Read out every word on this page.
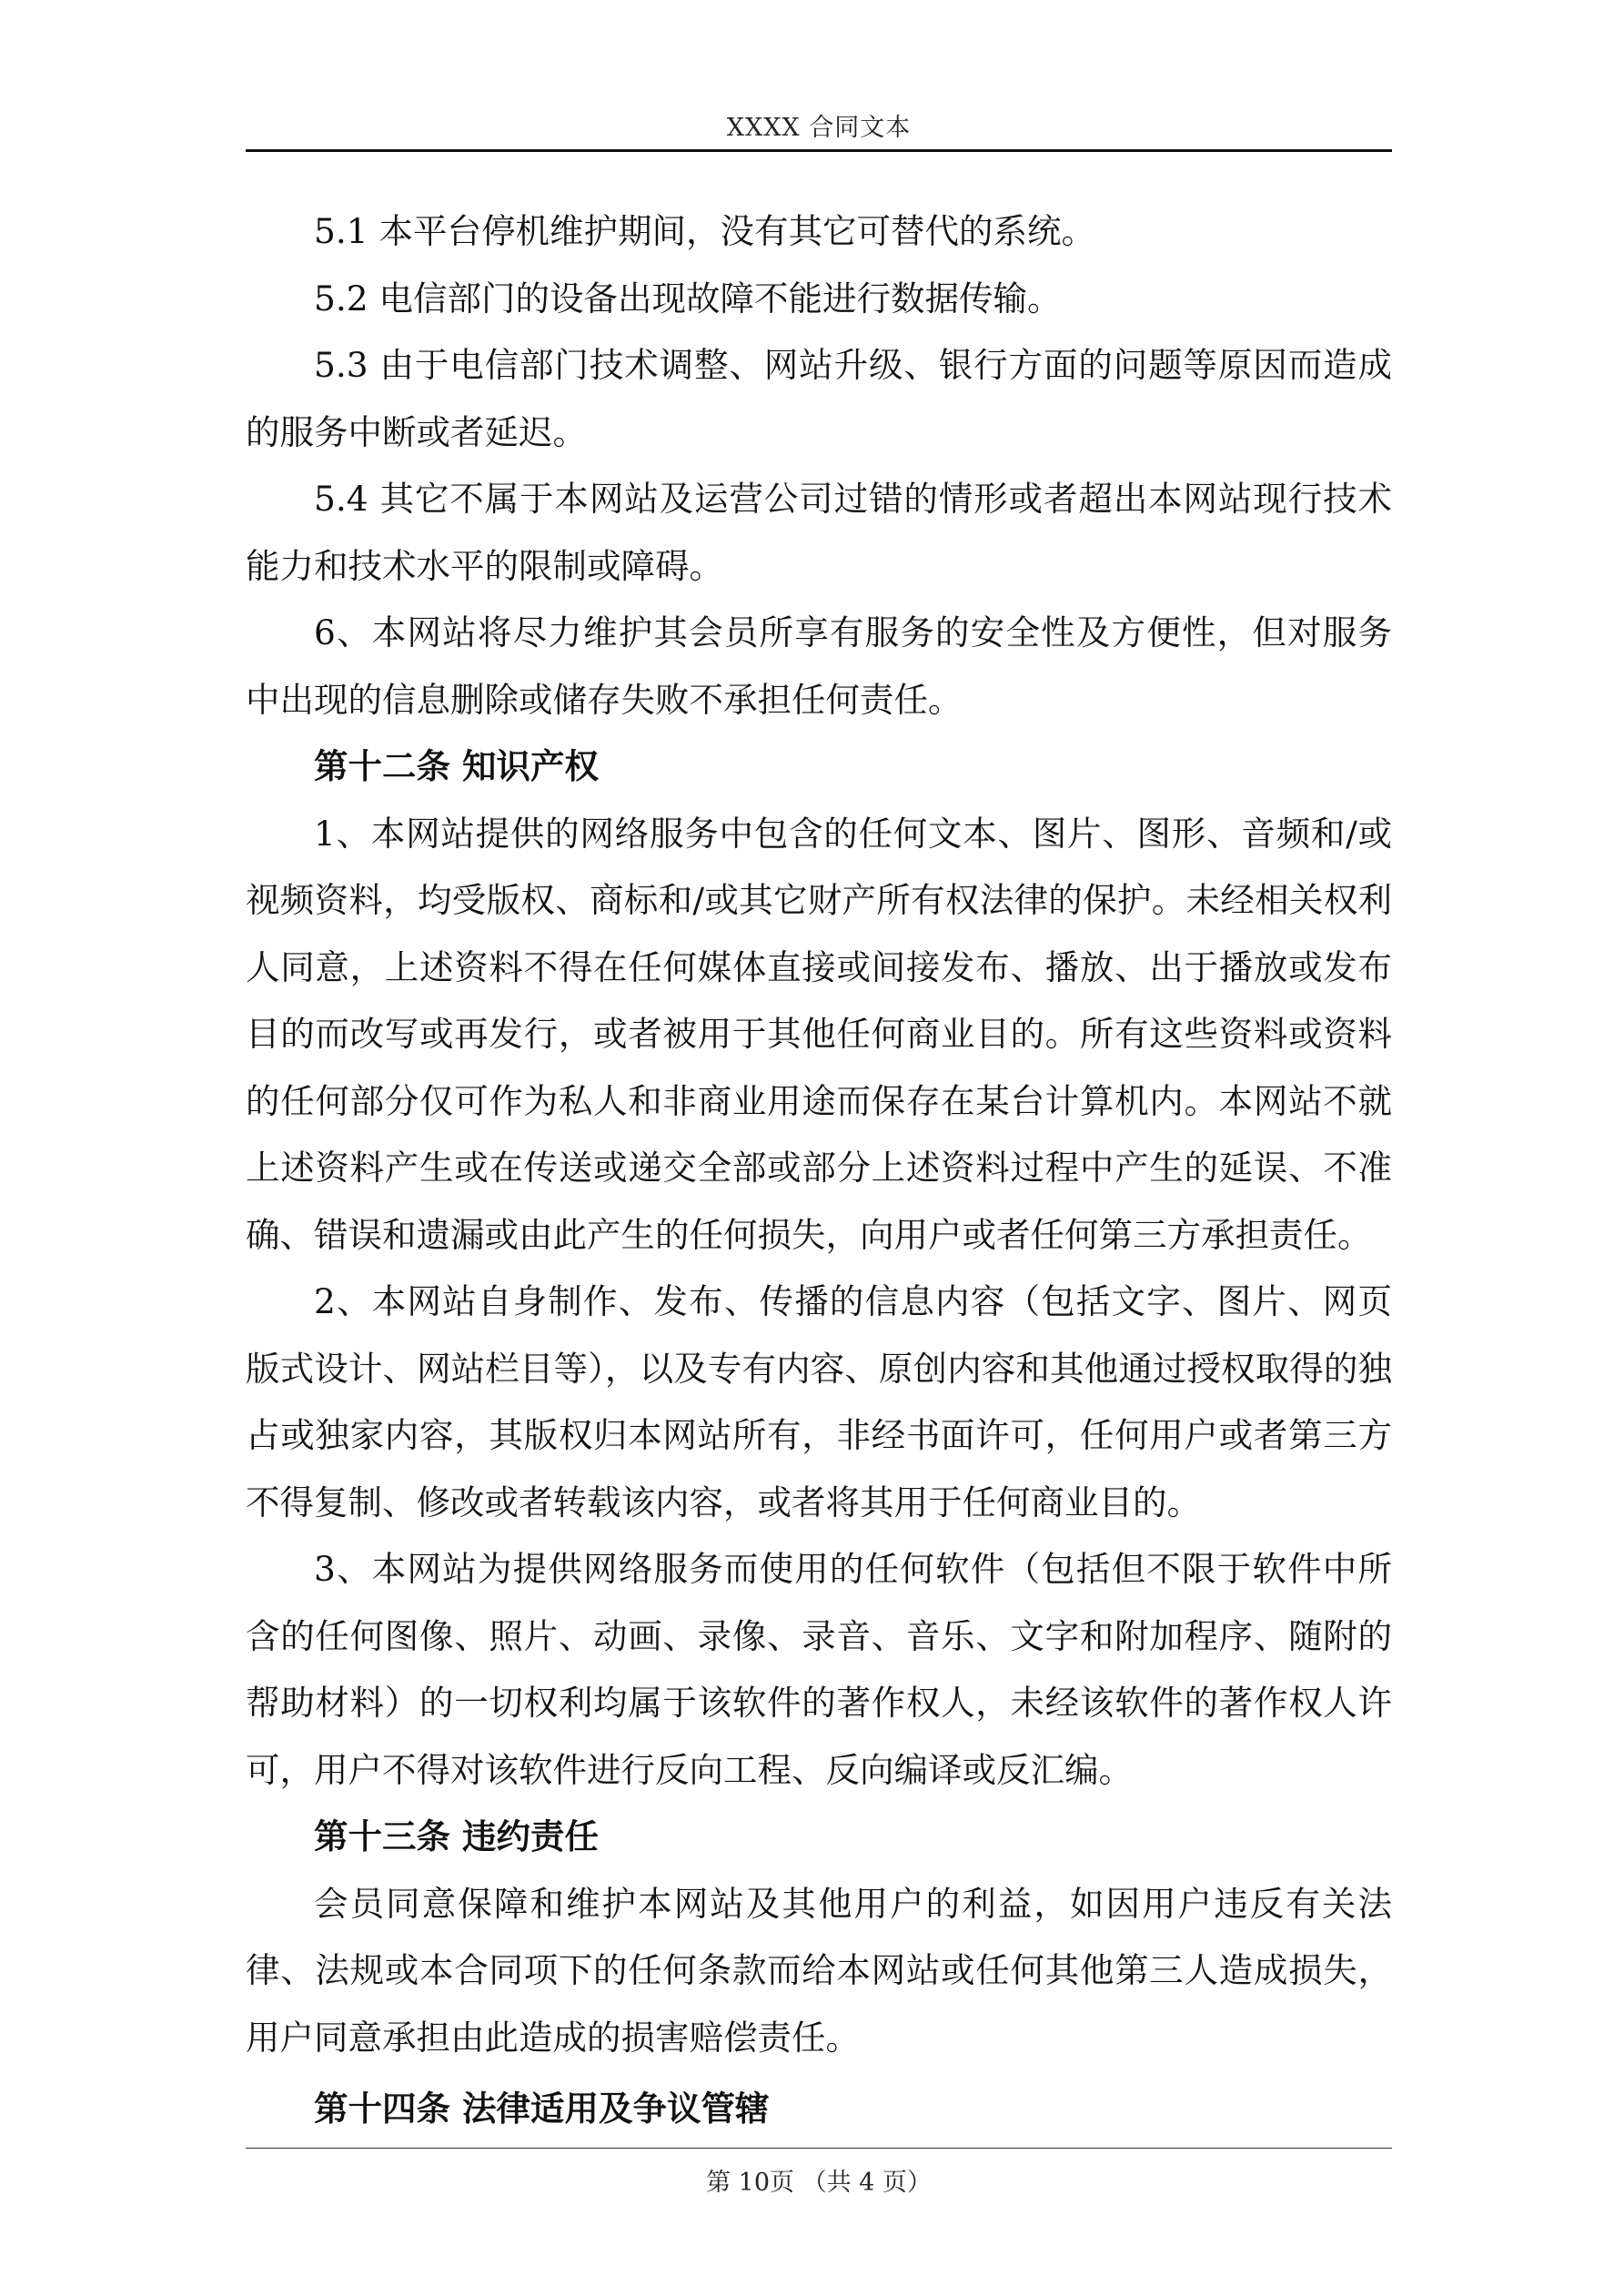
XXXX 合同文本

5.1 本平台停机维护期间，没有其它可替代的系统。

5.2 电信部门的设备出现故障不能进行数据传输。

5.3 由于电信部门技术调整、网站升级、银行方面的问题等原因而造成的服务中断或者延迟。

5.4 其它不属于本网站及运营公司过错的情形或者超出本网站现行技术能力和技术水平的限制或障碍。

6、本网站将尽力维护其会员所享有服务的安全性及方便性，但对服务中出现的信息删除或储存失败不承担任何责任。

第十二条 知识产权

1、本网站提供的网络服务中包含的任何文本、图片、图形、音频和/或视频资料，均受版权、商标和/或其它财产所有权法律的保护。未经相关权利人同意，上述资料不得在任何媒体直接或间接发布、播放、出于播放或发布目的而改写或再发行，或者被用于其他任何商业目的。所有这些资料或资料的任何部分仅可作为私人和非商业用途而保存在某台计算机内。本网站不就上述资料产生或在传送或递交全部或部分上述资料过程中产生的延误、不准确、错误和遗漏或由此产生的任何损失，向用户或者任何第三方承担责任。

2、本网站自身制作、发布、传播的信息内容（包括文字、图片、网页版式设计、网站栏目等），以及专有内容、原创内容和其他通过授权取得的独占或独家内容，其版权归本网站所有，非经书面许可，任何用户或者第三方不得复制、修改或者转载该内容，或者将其用于任何商业目的。

3、本网站为提供网络服务而使用的任何软件（包括但不限于软件中所含的任何图像、照片、动画、录像、录音、音乐、文字和附加程序、随附的帮助材料）的一切权利均属于该软件的著作权人，未经该软件的著作权人许可，用户不得对该软件进行反向工程、反向编译或反汇编。

第十三条 违约责任

会员同意保障和维护本网站及其他用户的利益，如因用户违反有关法律、法规或本合同项下的任何条款而给本网站或任何其他第三人造成损失，用户同意承担由此造成的损害赔偿责任。

第十四条 法律适用及争议管辖

第 10页 （共 4 页）
